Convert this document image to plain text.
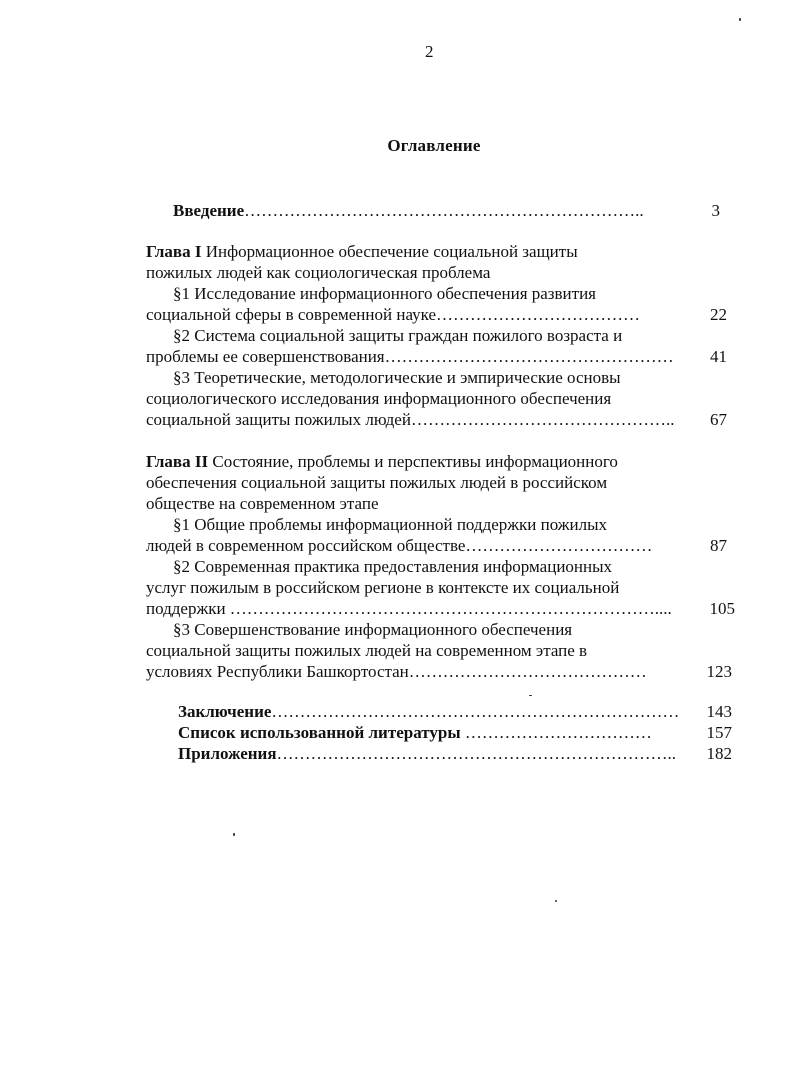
2
Оглавление
Введение……………………………………………………………..	3
Глава I Информационное обеспечение социальной защиты
пожилых людей как социологическая проблема
§1 Исследование информационного обеспечения развития
социальной сферы в современной науке………………………………	22
§2 Система социальной защиты граждан пожилого возраста и
проблемы ее совершенствования……………………………………………	41
§3 Теоретические, методологические и эмпирические основы
социологического исследования информационного обеспечения
социальной защиты пожилых людей………………………………………..	67
Глава II Состояние, проблемы и перспективы информационного
обеспечения социальной защиты пожилых людей в российском
обществе на современном этапе
§1 Общие проблемы информационной поддержки пожилых
людей в современном российском обществе……………………………	87
§2 Современная практика предоставления информационных
услуг пожилым в российском регионе в контексте их социальной
поддержки …………………………………………………………………....	105
§3 Совершенствование информационного обеспечения
социальной защиты пожилых людей на современном этапе в
условиях Республики Башкортостан……………………………………	123
Заключение………………………………………………………………	143
Список использованной литературы ……………………………	157
Приложения……………………………………………………………..	182
